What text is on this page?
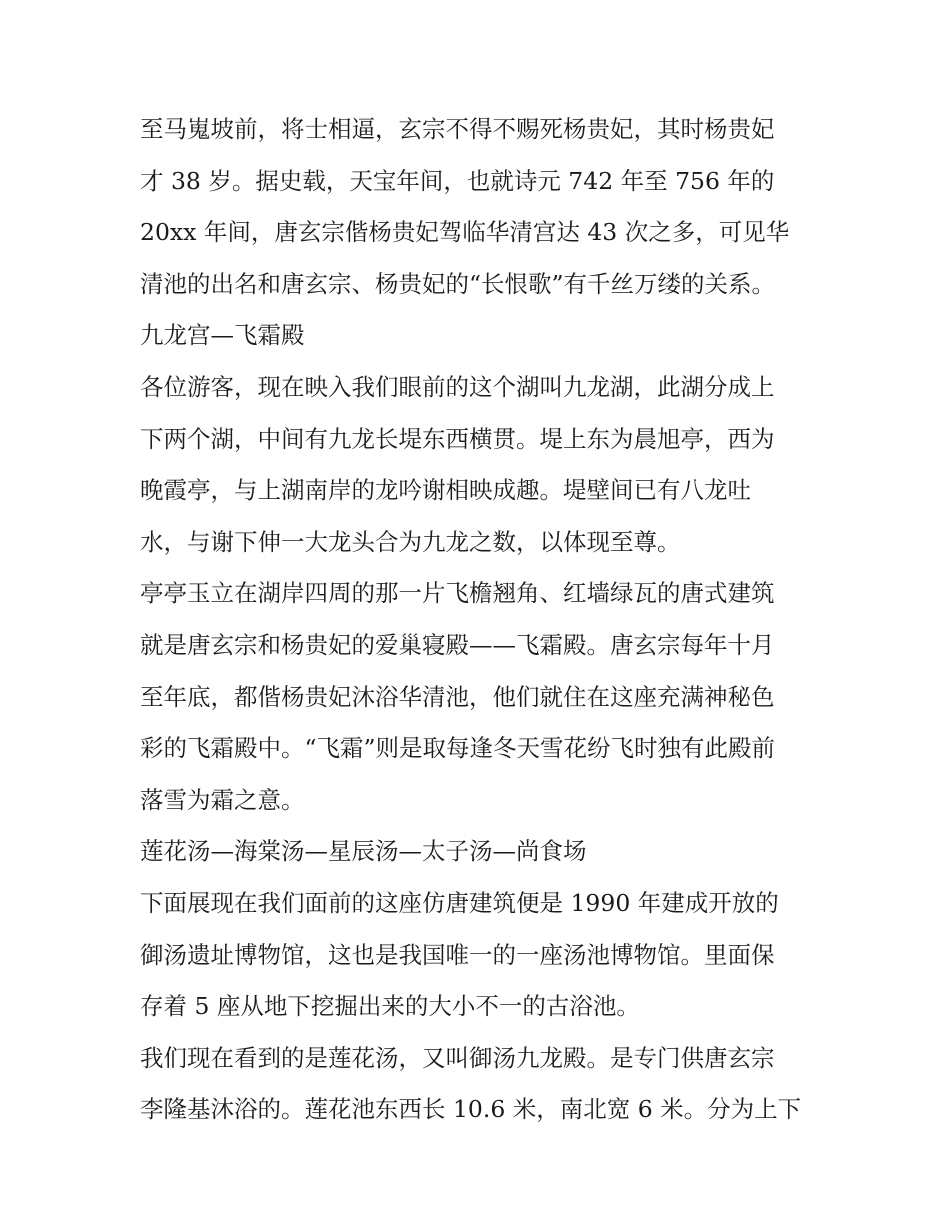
至马嵬坡前，将士相逼，玄宗不得不赐死杨贵妃，其时杨贵妃
才 38 岁。据史载，天宝年间，也就诗元 742 年至 756 年的
20xx 年间，唐玄宗偕杨贵妃驾临华清宫达 43 次之多，可见华
清池的出名和唐玄宗、杨贵妃的“长恨歌”有千丝万缕的关系。
九龙宫—飞霜殿
各位游客，现在映入我们眼前的这个湖叫九龙湖，此湖分成上
下两个湖，中间有九龙长堤东西横贯。堤上东为晨旭亭，西为
晚霞亭，与上湖南岸的龙吟谢相映成趣。堤壁间已有八龙吐
水，与谢下伸一大龙头合为九龙之数，以体现至尊。
亭亭玉立在湖岸四周的那一片飞檐翘角、红墙绿瓦的唐式建筑
就是唐玄宗和杨贵妃的爱巢寝殿——飞霜殿。唐玄宗每年十月
至年底，都偕杨贵妃沐浴华清池，他们就住在这座充满神秘色
彩的飞霜殿中。“飞霜”则是取每逢冬天雪花纷飞时独有此殿前
落雪为霜之意。
莲花汤—海棠汤—星辰汤—太子汤—尚食场
下面展现在我们面前的这座仿唐建筑便是 1990 年建成开放的
御汤遗址博物馆，这也是我国唯一的一座汤池博物馆。里面保
存着 5 座从地下挖掘出来的大小不一的古浴池。
我们现在看到的是莲花汤，又叫御汤九龙殿。是专门供唐玄宗
李隆基沐浴的。莲花池东西长 10.6 米，南北宽 6 米。分为上下
